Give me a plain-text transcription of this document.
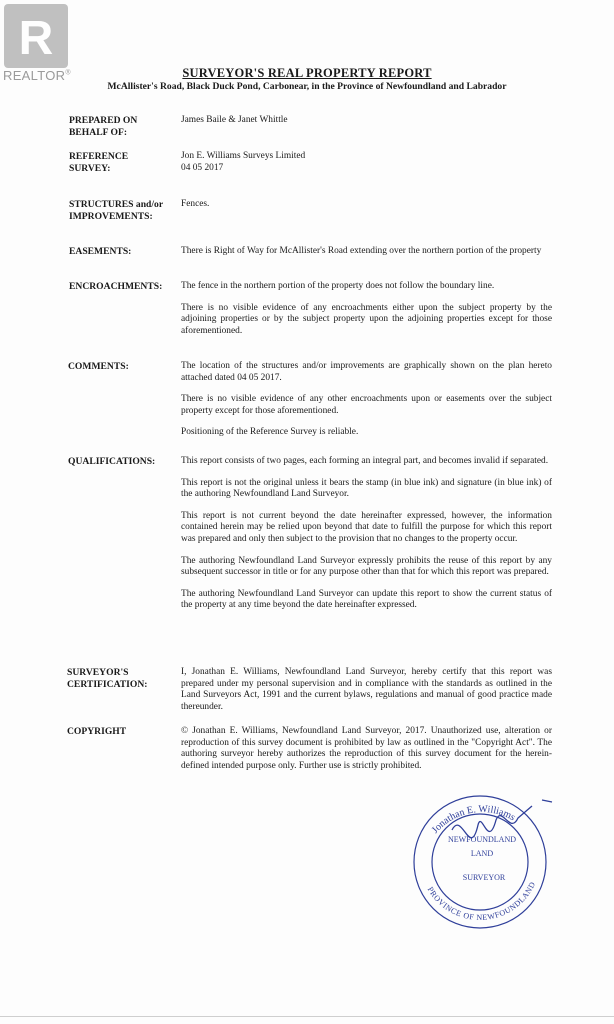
R
REALTOR®	SURVEYOR'S REAL PROPERTY REPORT
McAllister's Road, Black Duck Pond, Carbonear, in the Province of Newfoundland and Labrador
PREPARED ON
BEHALF OF:

James Baile & Janet Whittle

REFERENCE
SURVEY:

Jon E. Williams Surveys Limited
04 05 2017

STRUCTURES and/or
IMPROVEMENTS:

Fences.

EASEMENTS:	There is Right of Way for McAllister's Road extending over the northern portion of the property

ENCROACHMENTS: The fence in the northern portion of the property does not follow the boundary line.

There is no visible evidence of any encroachments either upon the subject property by the adjoining properties or by the subject property upon the adjoining properties except for those aforementioned.

COMMENTS:	The location of the structures and/or improvements are graphically shown on the plan hereto attached dated 04 05 2017.

There is no visible evidence of any other encroachments upon or easements over the subject property except for those aforementioned.

Positioning of the Reference Survey is reliable.

QUALIFICATIONS:	This report consists of two pages, each forming an integral part, and becomes invalid if separated.

This report is not the original unless it bears the stamp (in blue ink) and signature (in blue ink) of the authoring Newfoundland Land Surveyor.

This report is not current beyond the date hereinafter expressed, however, the information contained herein may be relied upon beyond that date to fulfill the purpose for which this report was prepared and only then subject to the provision that no changes to the property occur.

The authoring Newfoundland Land Surveyor expressly prohibits the reuse of this report by any subsequent successor in title or for any purpose other than that for which this report was prepared.

The authoring Newfoundland Land Surveyor can update this report to show the current status of the property at any time beyond the date hereinafter expressed.

SURVEYOR'S
CERTIFICATION:

I, Jonathan E. Williams, Newfoundland Land Surveyor, hereby certify that this report was prepared under my personal supervision and in compliance with the standards as outlined in the Land Surveyors Act, 1991 and the current bylaws, regulations and manual of good practice made thereunder.

COPYRIGHT	© Jonathan E. Williams, Newfoundland Land Surveyor, 2017. Unauthorized use, alteration or reproduction of this survey document is prohibited by law as outlined in the "Copyright Act". The authoring surveyor hereby authorizes the reproduction of this survey document for the herein-defined intended purpose only. Further use is strictly prohibited.

Jonathan E. Williams
PROVINCE OF NEWFOUNDLAND
NEWFOUNDLAND
LAND
SURVEYOR
